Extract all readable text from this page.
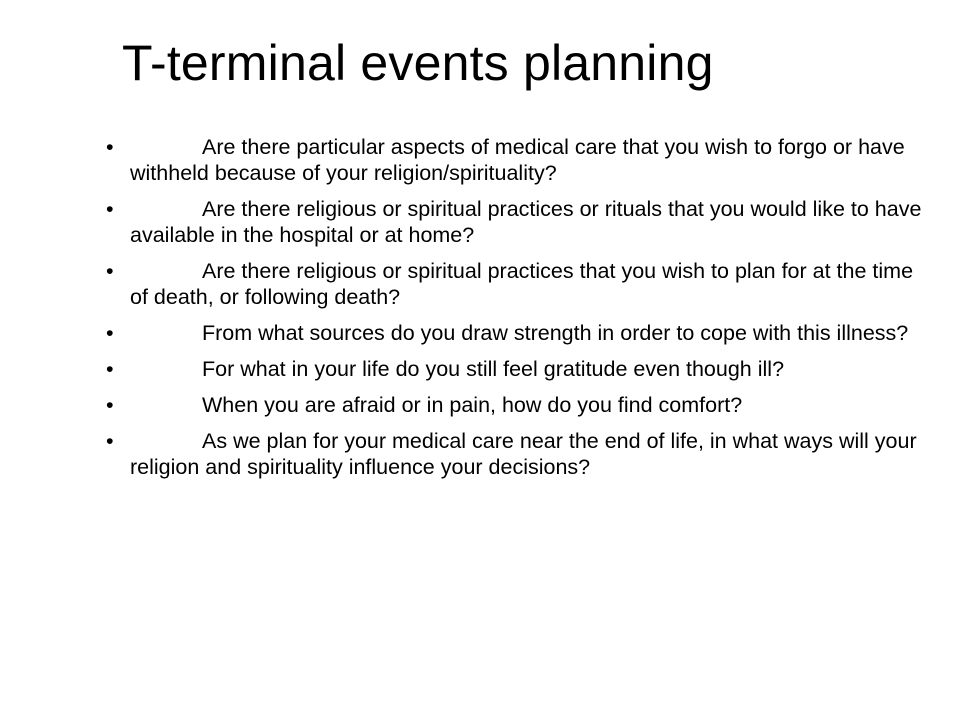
T-terminal events planning
•	Are there particular aspects of medical care that you wish to forgo or have withheld because of your religion/spirituality?
•	Are there religious or spiritual practices or rituals that you would like to have available in the hospital or at home?
•	Are there religious or spiritual practices that you wish to plan for at the time of death, or following death?
•	From what sources do you draw strength in order to cope with this illness?
•	For what in your life do you still feel gratitude even though ill?
•	When you are afraid or in pain, how do you find comfort?
•	As we plan for your medical care near the end of life, in what ways will your religion and spirituality influence your decisions?
